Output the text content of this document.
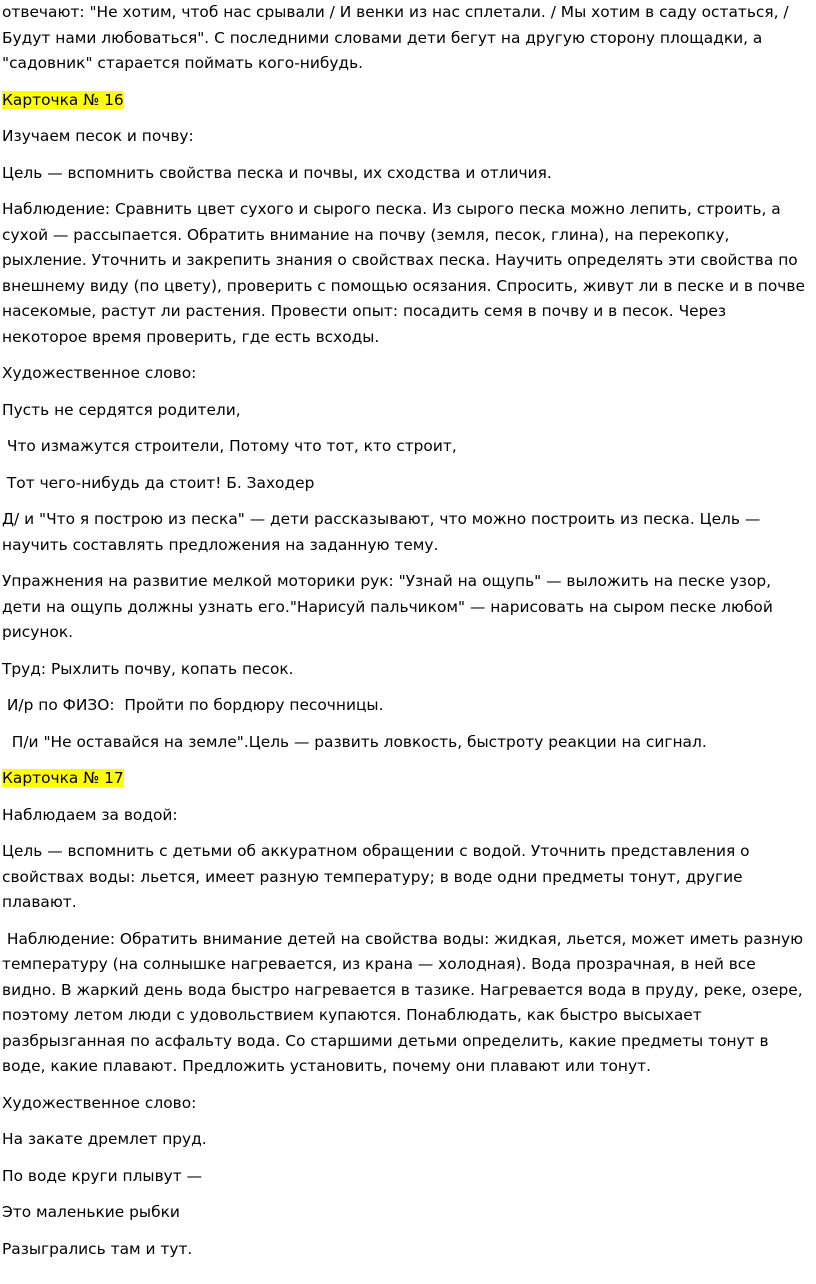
отвечают: "Не хотим, чтоб нас срывали / И венки из нас сплетали. / Мы хотим в саду остаться, / Будут нами любоваться". С последними словами дети бегут на другую сторону площадки, а "садовник" старается поймать кого-нибудь.

Карточка № 16

Изучаем песок и почву:

Цель — вспомнить свойства песка и почвы, их сходства и отличия.

Наблюдение: Сравнить цвет сухого и сырого песка. Из сырого песка можно лепить, строить, а сухой — рассыпается. Обратить внимание на почву (земля, песок, глина), на перекопку, рыхление. Уточнить и закрепить знания о свойствах песка. Научить определять эти свойства по внешнему виду (по цвету), проверить с помощью осязания. Спросить, живут ли в песке и в почве насекомые, растут ли растения. Провести опыт: посадить семя в почву и в песок. Через некоторое время проверить, где есть всходы.

Художественное слово:

Пусть не сердятся родители,

Что измажутся строители, Потому что тот, кто строит,

Тот чего-нибудь да стоит! Б. Заходер

Д/ и "Что я построю из песка" — дети рассказывают, что можно построить из песка. Цель — научить составлять предложения на заданную тему.

Упражнения на развитие мелкой моторики рук: "Узнай на ощупь" — выложить на песке узор, дети на ощупь должны узнать его."Нарисуй пальчиком" — нарисовать на сыром песке любой рисунок.

Труд: Рыхлить почву, копать песок.

И/р по ФИЗО:  Пройти по бордюру песочницы.

П/и "Не оставайся на земле".Цель — развить ловкость, быстроту реакции на сигнал.

Карточка № 17

Наблюдаем за водой:

Цель — вспомнить с детьми об аккуратном обращении с водой. Уточнить представления о свойствах воды: льется, имеет разную температуру; в воде одни предметы тонут, другие плавают.

Наблюдение: Обратить внимание детей на свойства воды: жидкая, льется, может иметь разную температуру (на солнышке нагревается, из крана — холодная). Вода прозрачная, в ней все видно. В жаркий день вода быстро нагревается в тазике. Нагревается вода в пруду, реке, озере, поэтому летом люди с удовольствием купаются. Понаблюдать, как быстро высыхает разбрызганная по асфальту вода. Со старшими детьми определить, какие предметы тонут в воде, какие плавают. Предложить установить, почему они плавают или тонут.

Художественное слово:

На закате дремлет пруд.

По воде круги плывут —

Это маленькие рыбки

Разыгрались там и тут.
